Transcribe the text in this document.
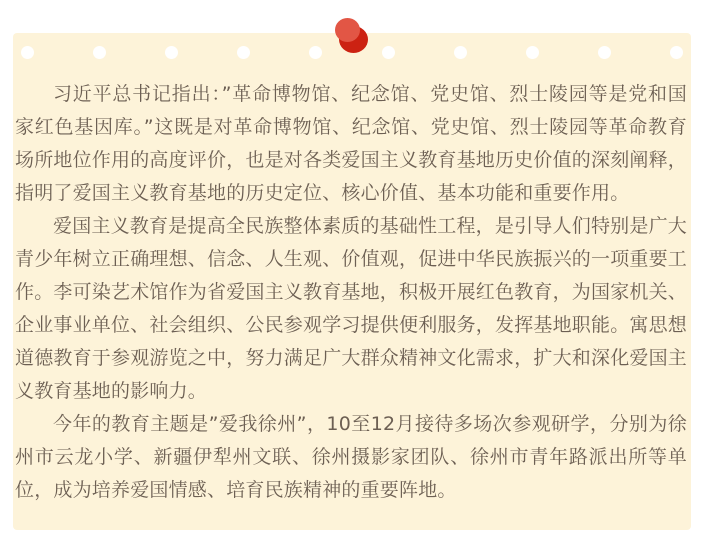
习近平总书记指出：”革命博物馆、纪念馆、党史馆、烈士陵园等是党和国家红色基因库。”这既是对革命博物馆、纪念馆、党史馆、烈士陵园等革命教育场所地位作用的高度评价，也是对各类爱国主义教育基地历史价值的深刻阐释，指明了爱国主义教育基地的历史定位、核心价值、基本功能和重要作用。

爱国主义教育是提高全民族整体素质的基础性工程，是引导人们特别是广大青少年树立正确理想、信念、人生观、价值观，促进中华民族振兴的一项重要工作。李可染艺术馆作为省爱国主义教育基地，积极开展红色教育，为国家机关、企业事业单位、社会组织、公民参观学习提供便利服务，发挥基地职能。寓思想道德教育于参观游览之中，努力满足广大群众精神文化需求，扩大和深化爱国主义教育基地的影响力。

今年的教育主题是”爱我徐州”，10至12月接待多场次参观研学，分别为徐州市云龙小学、新疆伊犁州文联、徐州摄影家团队、徐州市青年路派出所等单位，成为培养爱国情感、培育民族精神的重要阵地。
